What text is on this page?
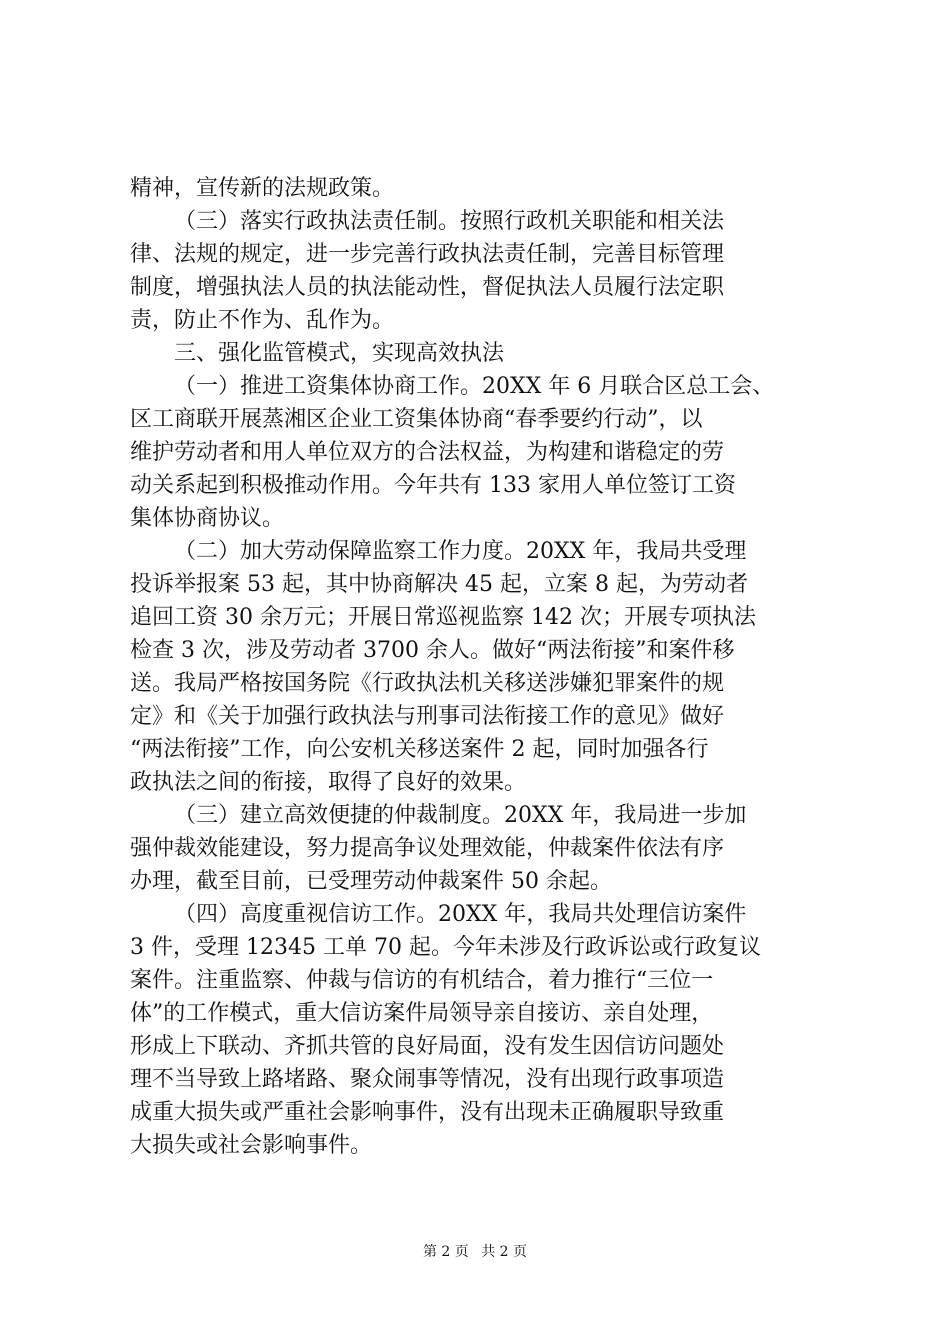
精神，宣传新的法规政策。
（三）落实行政执法责任制。按照行政机关职能和相关法
律、法规的规定，进一步完善行政执法责任制，完善目标管理
制度，增强执法人员的执法能动性，督促执法人员履行法定职
责，防止不作为、乱作为。
三、强化监管模式，实现高效执法
（一）推进工资集体协商工作。20XX 年 6 月联合区总工会、
区工商联开展蒸湘区企业工资集体协商“春季要约行动”，以
维护劳动者和用人单位双方的合法权益，为构建和谐稳定的劳
动关系起到积极推动作用。今年共有 133 家用人单位签订工资
集体协商协议。
（二）加大劳动保障监察工作力度。20XX 年，我局共受理
投诉举报案 53 起，其中协商解决 45 起，立案 8 起，为劳动者
追回工资 30 余万元；开展日常巡视监察 142 次；开展专项执法
检查 3 次，涉及劳动者 3700 余人。做好“两法衔接”和案件移
送。我局严格按国务院《行政执法机关移送涉嫌犯罪案件的规
定》和《关于加强行政执法与刑事司法衔接工作的意见》做好
“两法衔接”工作，向公安机关移送案件 2 起，同时加强各行
政执法之间的衔接，取得了良好的效果。
（三）建立高效便捷的仲裁制度。20XX 年，我局进一步加
强仲裁效能建设，努力提高争议处理效能，仲裁案件依法有序
办理，截至目前，已受理劳动仲裁案件 50 余起。
（四）高度重视信访工作。20XX 年，我局共处理信访案件
3 件，受理 12345 工单 70 起。今年未涉及行政诉讼或行政复议
案件。注重监察、仲裁与信访的有机结合，着力推行“三位一
体”的工作模式，重大信访案件局领导亲自接访、亲自处理，
形成上下联动、齐抓共管的良好局面，没有发生因信访问题处
理不当导致上路堵路、聚众闹事等情况，没有出现行政事项造
成重大损失或严重社会影响事件，没有出现未正确履职导致重
大损失或社会影响事件。
第 2 页 共 2 页
